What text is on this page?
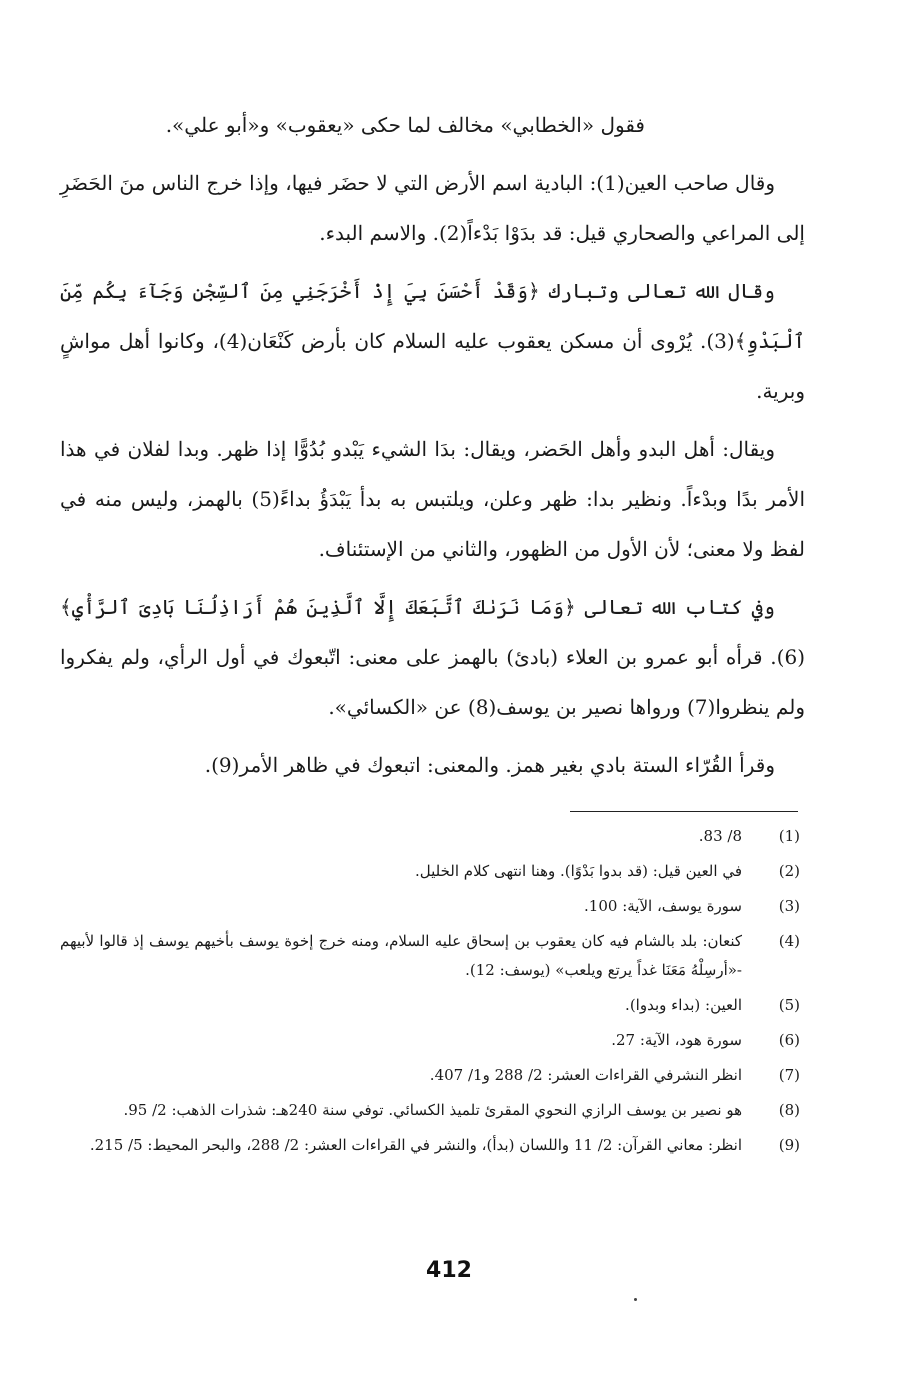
فقول «الخطابي» مخالف لما حكى «يعقوب» و«أبو علي».

وقال صاحب العين(1): البادية اسم الأرض التي لا حضَر فيها، وإذا خرج الناس منَ الحَضَرِ إلى المراعي والصحاري قيل: قد بدَوْا بَدْءاً(2). والاسم البدء.

وقال الله تعالى وتبارك ﴿وَقَدْ أَحْسَنَ بِيَ إِذْ أَخْرَجَنِي مِنَ ٱلسِّجْنِ وَجَآءَ بِكُم مِّنَ ٱلْبَدْوِ﴾(3). يُرْوى أن مسكن يعقوب عليه السلام كان بأرض كَنْعَان(4)، وكانوا أهل مواشٍ وبرية.

ويقال: أهل البدو وأهل الحَضر، ويقال: بدَا الشيء يَبْدو بُدُوًّا إذا ظهر. وبدا لفلان في هذا الأمر بدًا وبدْءاً. ونظير بدا: ظهر وعلن، ويلتبس به بدأ يَبْدَؤُ بداءً(5) بالهمز، وليس منه في لفظ ولا معنى؛ لأن الأول من الظهور، والثاني من الإستئناف.

وفي كتاب الله تعالى ﴿وَمَا نَرَىٰكَ ٱتَّبَعَكَ إِلَّا ٱلَّذِينَ هُمْ أَرَاذِلُنَا بَادِىَ ٱلرَّأْيِ﴾(6). قرأه أبو عمرو بن العلاء (بادئ) بالهمز على معنى: اتّبعوك في أول الرأي، ولم يفكروا ولم ينظروا(7) ورواها نصير بن يوسف(8) عن «الكسائي».

وقرأ القُرّاء الستة بادي بغير همز. والمعنى: اتبعوك في ظاهر الأمر(9).

(1)
8/ 83.
(2)
في العين قيل: (قد بدوا بَدْوًا). وهنا انتهى كلام الخليل.
(3)
سورة يوسف، الآية: 100.
(4)
كنعان: بلد بالشام فيه كان يعقوب بن إسحاق عليه السلام، ومنه خرج إخوة يوسف بأخيهم يوسف إذ قالوا لأبيهم -«أرسِلْهُ مَعَنَا غداً يرتع ويلعب» (يوسف: 12).
(5)
العين: (بداء وبدوا).
(6)
سورة هود، الآية: 27.
(7)
انظر النشرفي القراءات العشر: 2/ 288 و1/ 407.
(8)
هو نصير بن يوسف الرازي النحوي المقرئ تلميذ الكسائي. توفي سنة 240هـ: شذرات الذهب: 2/ 95.
(9)
انظر: معاني القرآن: 2/ 11 واللسان (بدأ)، والنشر في القراءات العشر: 2/ 288، والبحر المحيط: 5/ 215.
412
